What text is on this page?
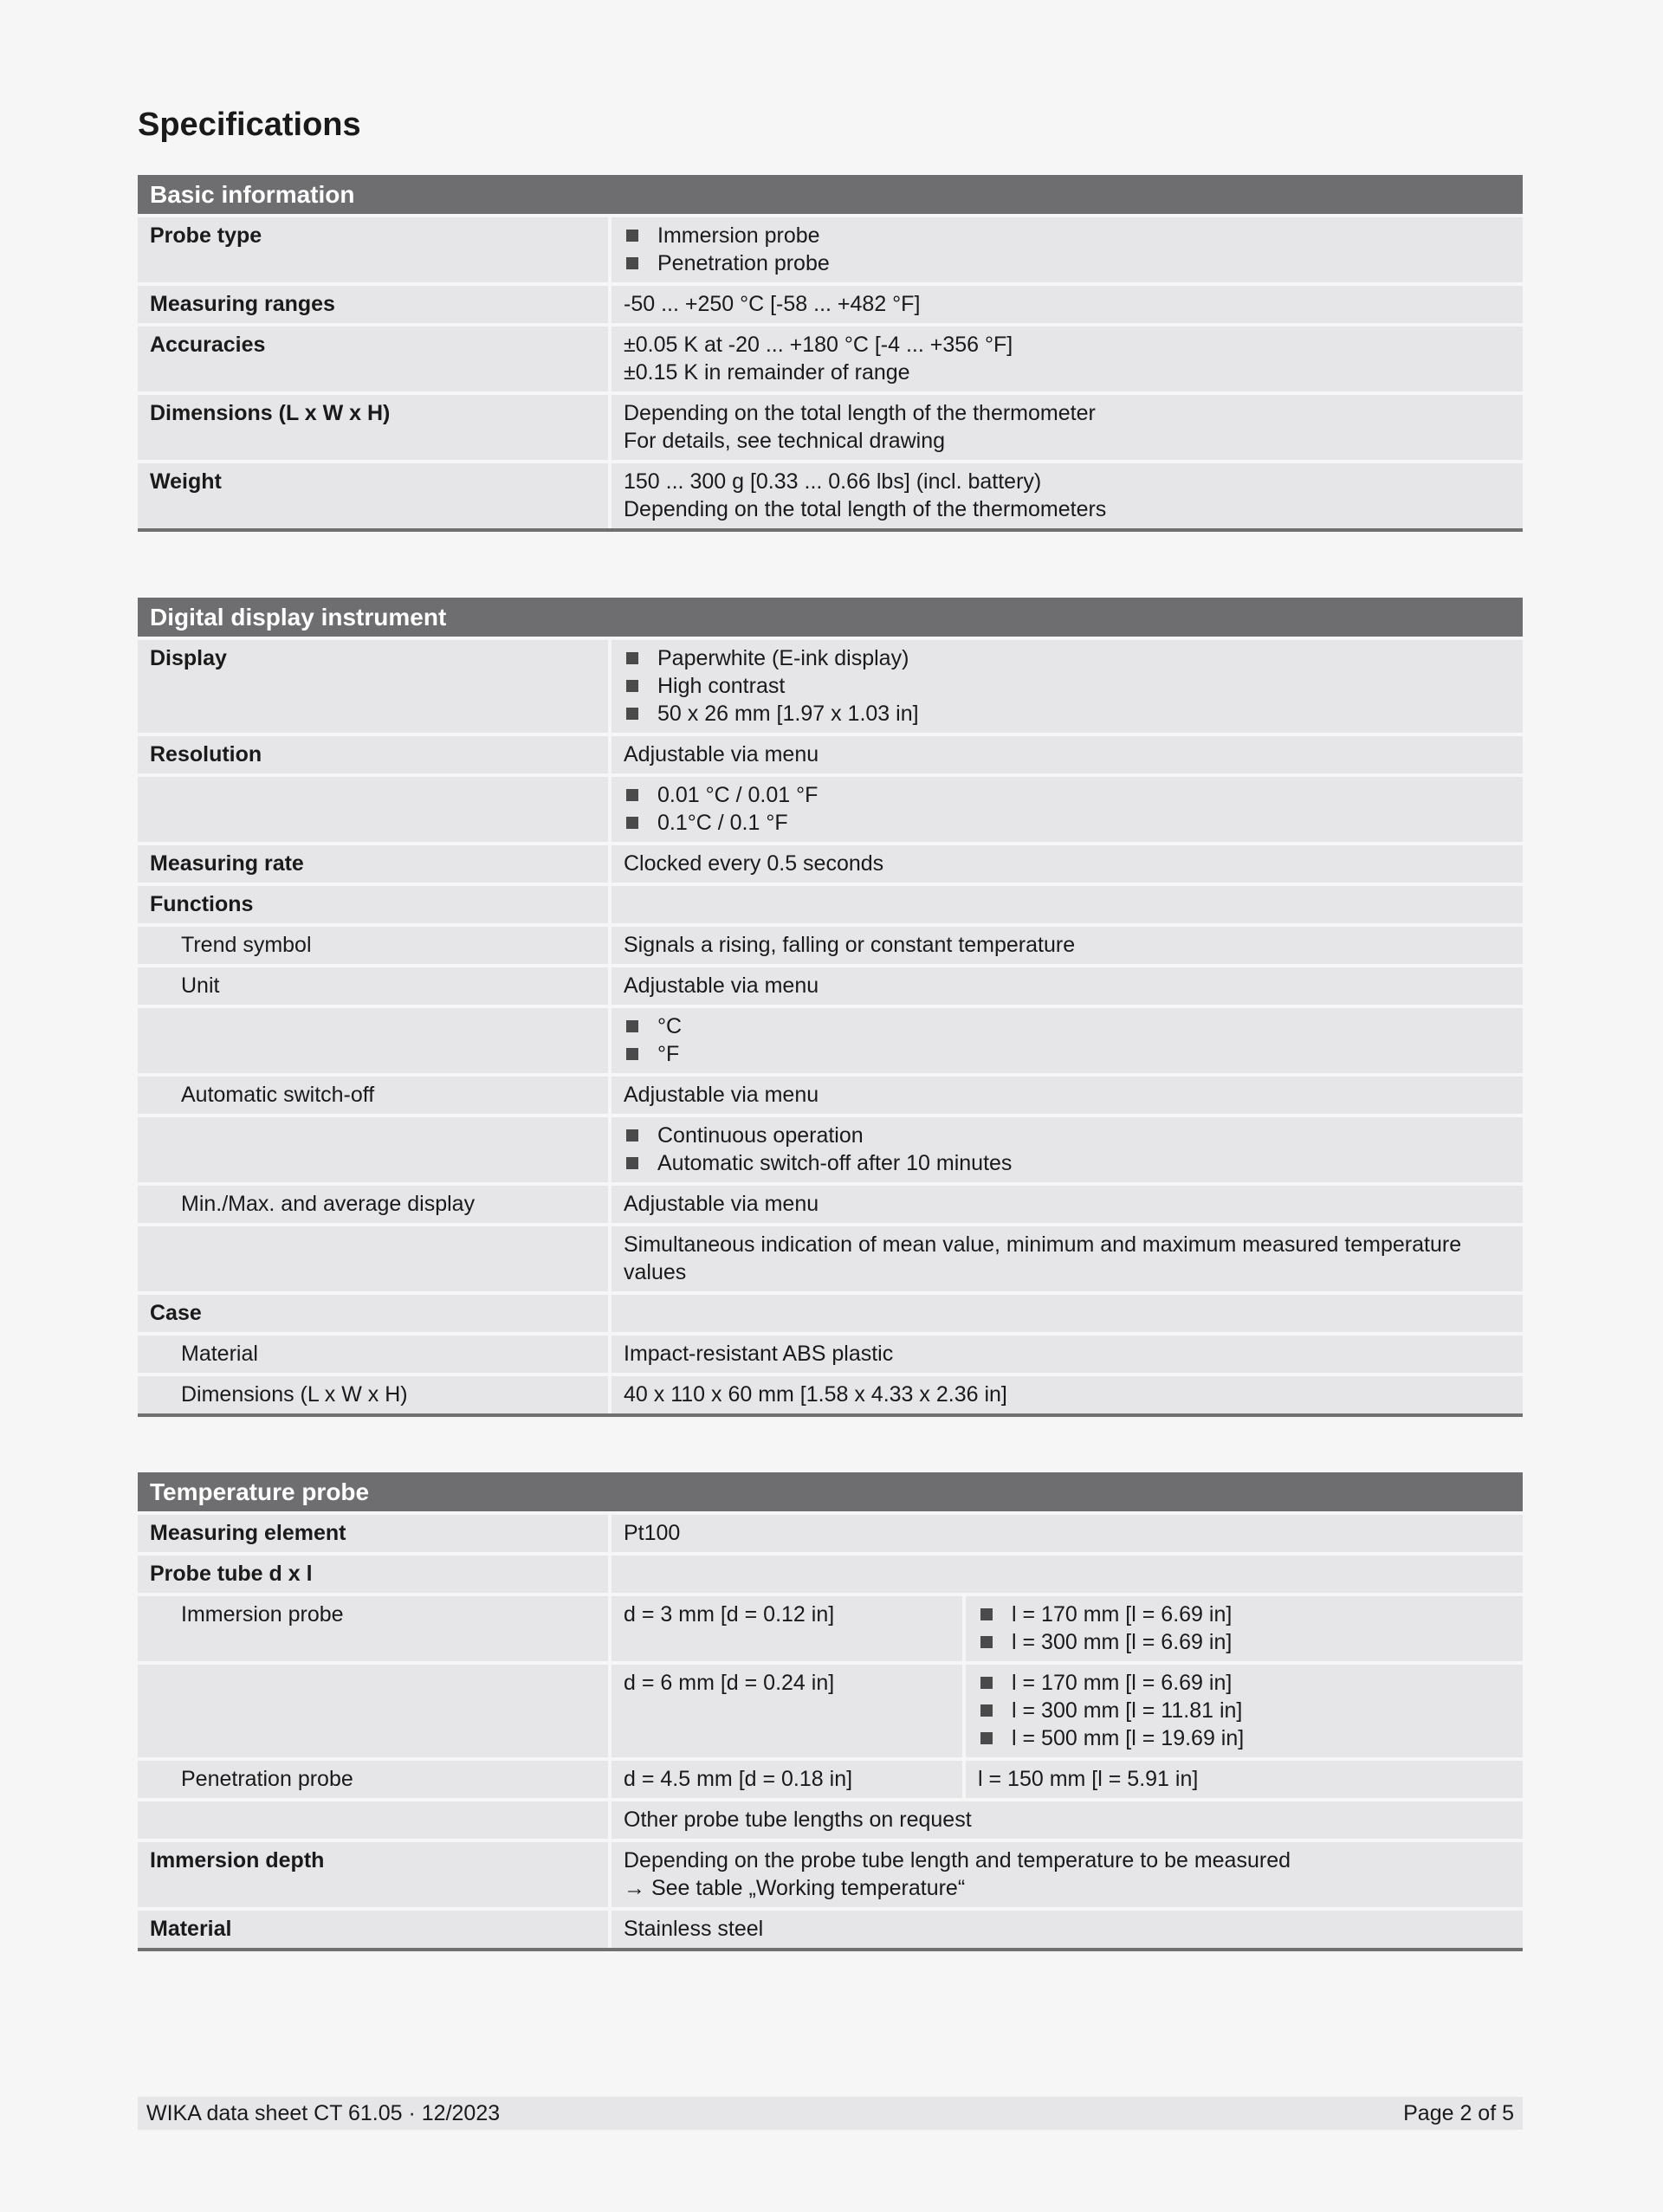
Specifications
Basic information
Probe type	Immersion probe
Penetration probe
Measuring ranges	-50 ... +250 °C [-58 ... +482 °F]
Accuracies	±0.05 K at -20 ... +180 °C [-4 ... +356 °F]
±0.15 K in remainder of range
Dimensions (L x W x H)	Depending on the total length of the thermometer
For details, see technical drawing
Weight	150 ... 300 g [0.33 ... 0.66 lbs] (incl. battery)
Depending on the total length of the thermometers
Digital display instrument
Display	Paperwhite (E-ink display)
High contrast
50 x 26 mm [1.97 x 1.03 in]
Resolution	Adjustable via menu
0.01 °C / 0.01 °F
0.1°C / 0.1 °F
Measuring rate	Clocked every 0.5 seconds
Functions
Trend symbol	Signals a rising, falling or constant temperature
Unit	Adjustable via menu
°C
°F
Automatic switch-off	Adjustable via menu
Continuous operation
Automatic switch-off after 10 minutes
Min./Max. and average display	Adjustable via menu
Simultaneous indication of mean value, minimum and maximum measured temperature
values
Case
Material	Impact-resistant ABS plastic
Dimensions (L x W x H)	40 x 110 x 60 mm [1.58 x 4.33 x 2.36 in]
Temperature probe
Measuring element	Pt100
Probe tube d x l
Immersion probe	d = 3 mm [d = 0.12 in]	l = 170 mm [l = 6.69 in]
l = 300 mm [l = 6.69 in]
d = 6 mm [d = 0.24 in]	l = 170 mm [l = 6.69 in]
l = 300 mm [l = 11.81 in]
l = 500 mm [l = 19.69 in]
Penetration probe	d = 4.5 mm [d = 0.18 in]	l = 150 mm [l = 5.91 in]
Other probe tube lengths on request
Immersion depth	Depending on the probe tube length and temperature to be measured
→ See table „Working temperature“
Material	Stainless steel
WIKA data sheet CT 61.05 · 12/2023	Page 2 of 5
